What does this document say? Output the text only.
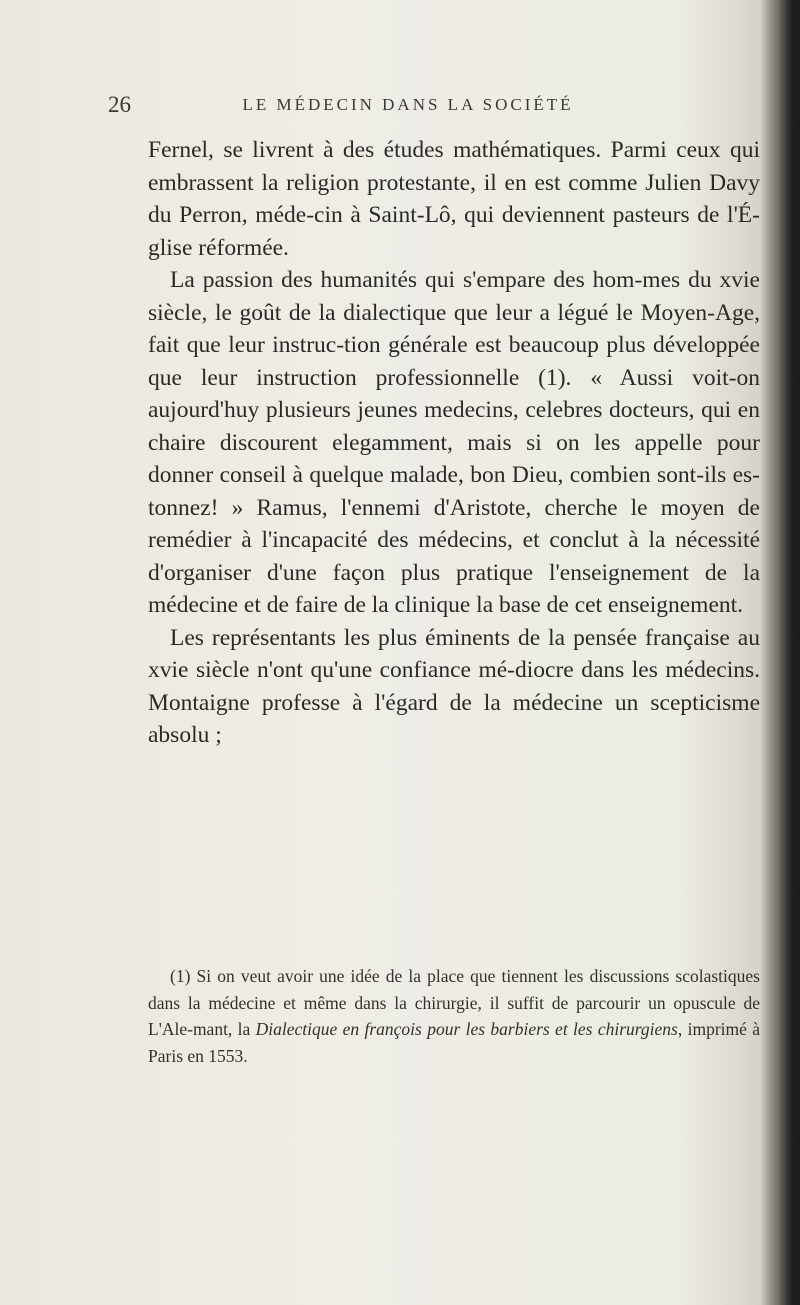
26	LE MÉDECIN DANS LA SOCIÉTÉ

Fernel, se livrent à des études mathématiques. Parmi ceux qui embrassent la religion protestante, il en est comme Julien Davy du Perron, méde-cin à Saint-Lô, qui deviennent pasteurs de l'É-glise réformée.

La passion des humanités qui s'empare des hom-mes du xvie siècle, le goût de la dialectique que leur a légué le Moyen-Age, fait que leur instruc-tion générale est beaucoup plus développée que leur instruction professionnelle (1). « Aussi voit-on aujourd'huy plusieurs jeunes medecins, celebres docteurs, qui en chaire discourent elegamment, mais si on les appelle pour donner conseil à quelque malade, bon Dieu, combien sont-ils es-tonnez! » Ramus, l'ennemi d'Aristote, cherche le moyen de remédier à l'incapacité des médecins, et conclut à la nécessité d'organiser d'une façon plus pratique l'enseignement de la médecine et de faire de la clinique la base de cet enseignement.

Les représentants les plus éminents de la pensée française au xvie siècle n'ont qu'une confiance mé-diocre dans les médecins. Montaigne professe à l'égard de la médecine un scepticisme absolu ;

(1) Si on veut avoir une idée de la place que tiennent les discussions scolastiques dans la médecine et même dans la chirurgie, il suffit de parcourir un opuscule de L'Ale-mant, la Dialectique en françois pour les barbiers et les chirurgiens, imprimé à Paris en 1553.
